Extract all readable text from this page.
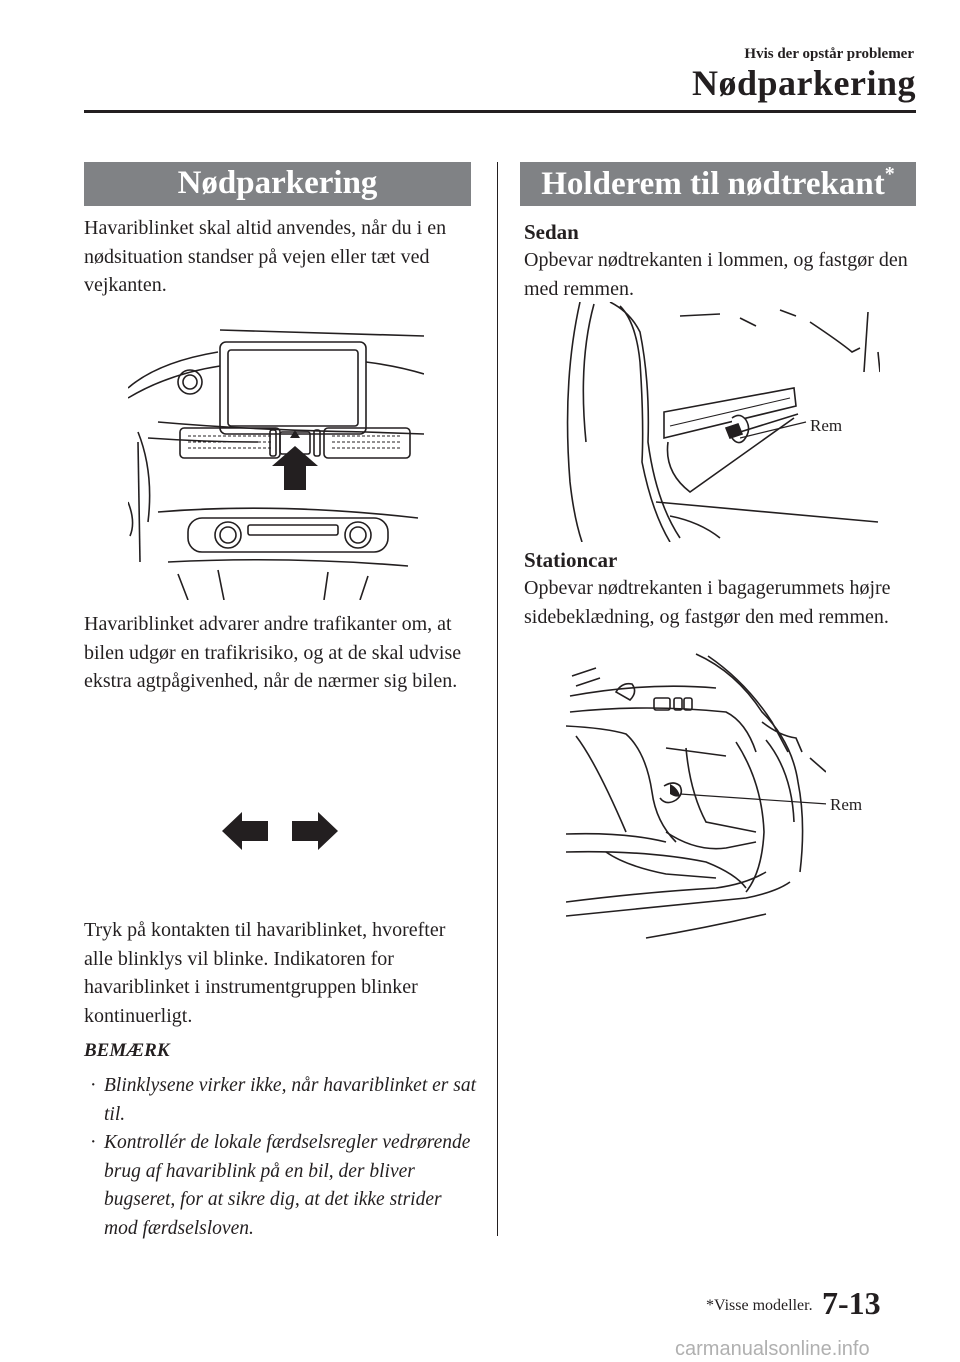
Hvis der opstår problemer
Nødparkering
Nødparkering
Havariblinket skal altid anvendes, når du i en nødsituation standser på vejen eller tæt ved vejkanten.
Havariblinket advarer andre trafikanter om, at bilen udgør en trafikrisiko, og at de skal udvise ekstra agtpågivenhed, når de nærmer sig bilen.
Tryk på kontakten til havariblinket, hvorefter alle blinklys vil blinke. Indikatoren for havariblinket i instrumentgruppen blinker kontinuerligt.
BEMÆRK
· Blinklysene virker ikke, når havariblinket er sat til.
· Kontrollér de lokale færdselsregler vedrørende brug af havariblink på en bil, der bliver bugseret, for at sikre dig, at det ikke strider mod færdselsloven.
Holderem til nødtrekant*
Sedan
Opbevar nødtrekanten i lommen, og fastgør den med remmen.
Rem
Stationcar
Opbevar nødtrekanten i bagagerummets højre sidebeklædning, og fastgør den med remmen.
Rem
*Visse modeller. 7-13
carmanualsonline.info
